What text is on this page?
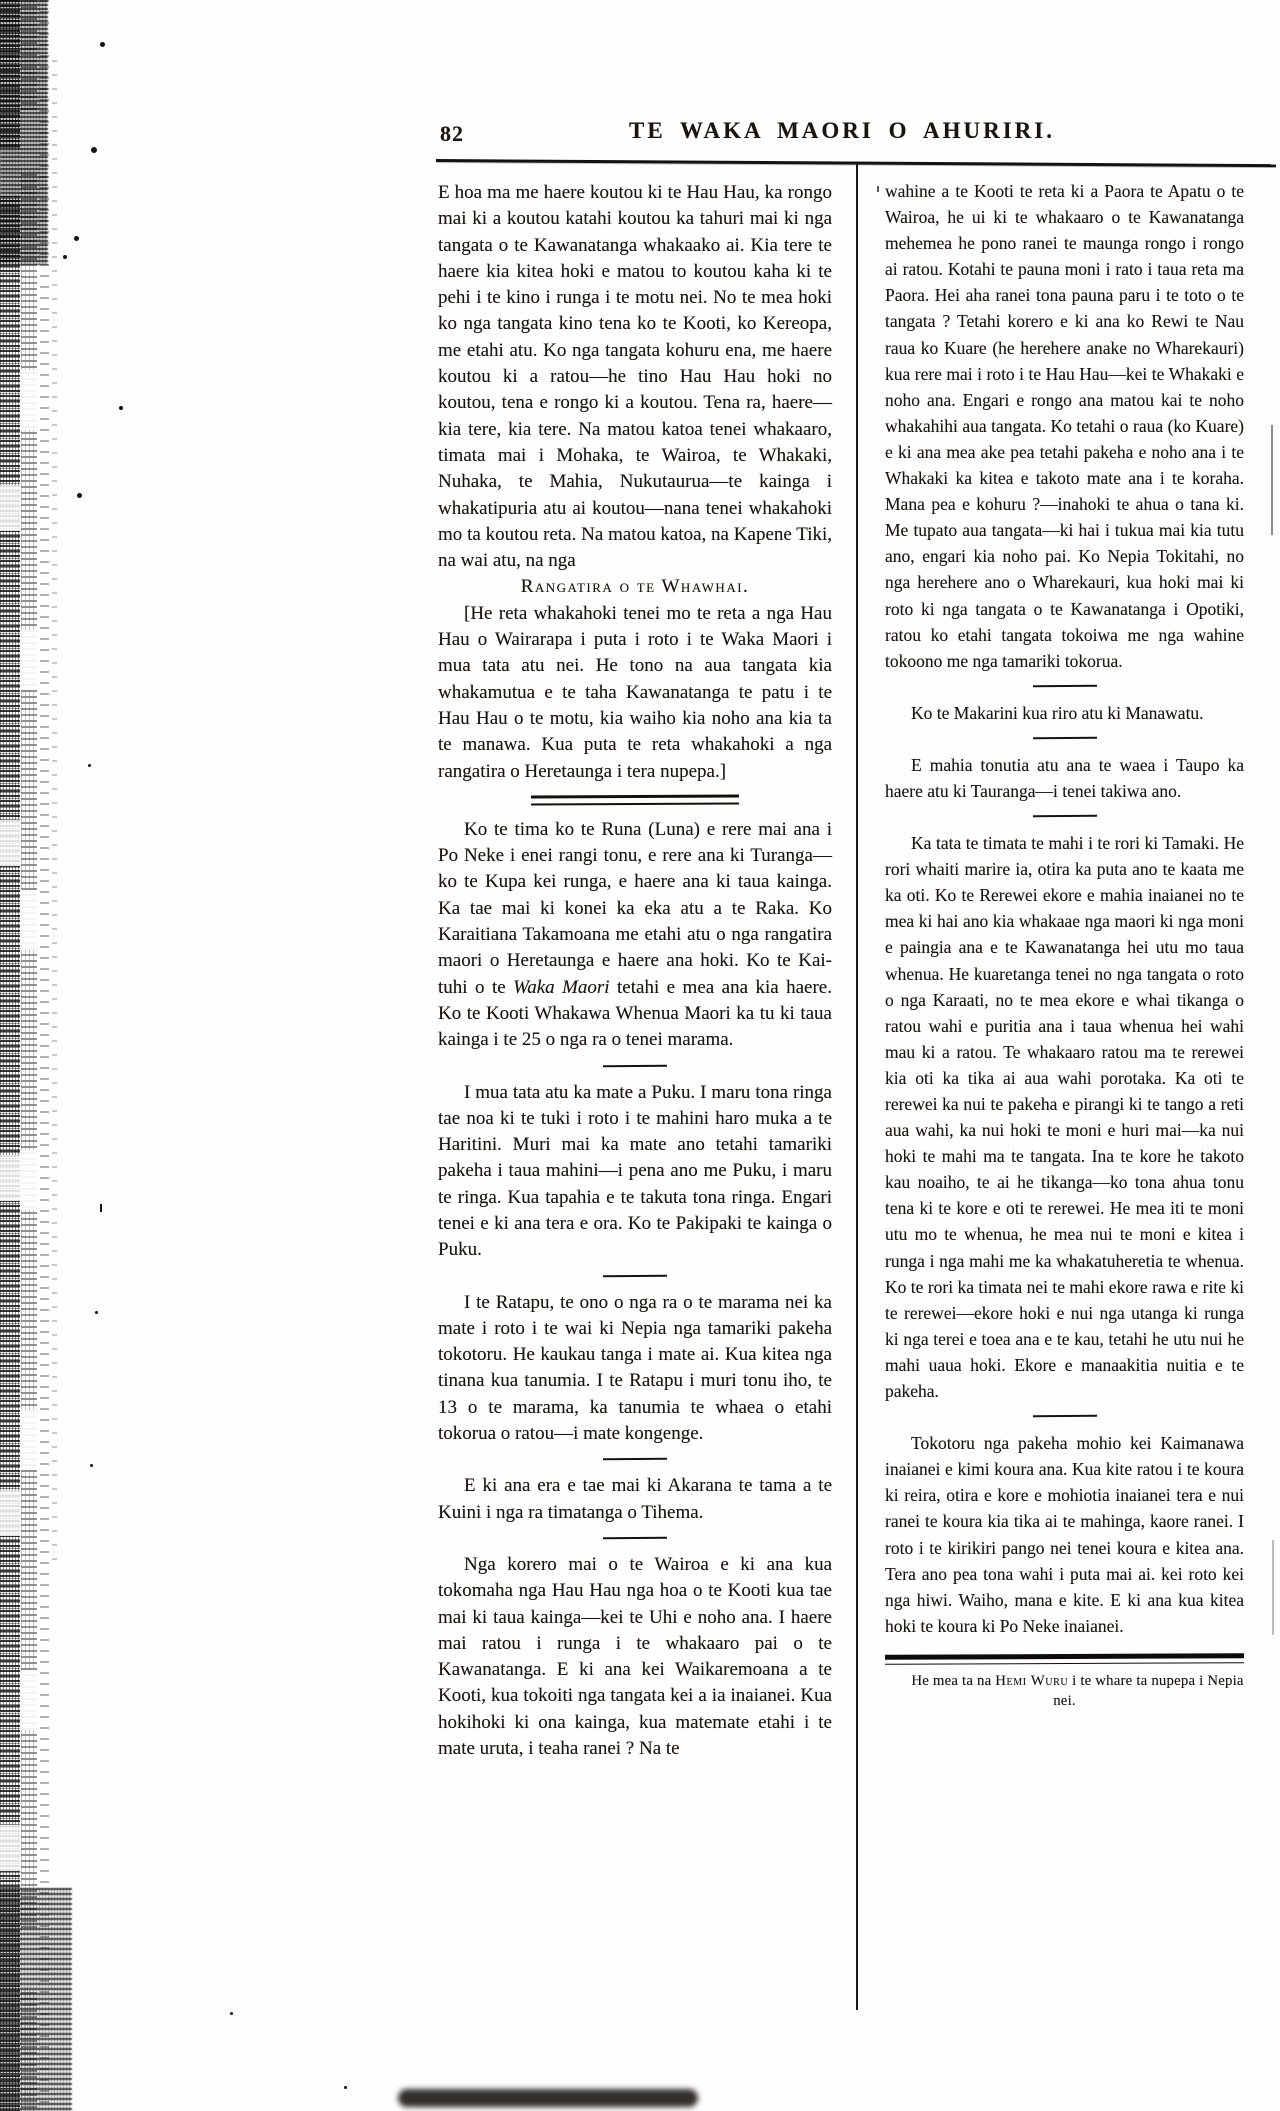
82	TE WAKA MAORI O AHURIRI.

E hoa ma me haere koutou ki te Hau Hau, ka rongo mai ki a koutou katahi koutou ka tahuri mai ki nga tangata o te Kawanatanga whakaako ai. Kia tere te haere kia kitea hoki e matou to koutou kaha ki te pehi i te kino i runga i te motu nei. No te mea hoki ko nga tangata kino tena ko te Kooti, ko Kereopa, me etahi atu. Ko nga tangata kohuru ena, me haere koutou ki a ratou—he tino Hau Hau hoki no koutou, tena e rongo ki a koutou. Tena ra, haere—kia tere, kia tere. Na matou katoa tenei whakaaro, timata mai i Mohaka, te Wairoa, te Whakaki, Nuhaka, te Mahia, Nukutaurua—te kainga i whakatipuria atu ai koutou—nana tenei whakahoki mo ta koutou reta. Na matou katoa, na Kapene Tiki, na wai atu, na nga

Rangatira o te Whawhai.

[He reta whakahoki tenei mo te reta a nga Hau Hau o Wairarapa i puta i roto i te Waka Maori i mua tata atu nei. He tono na aua tangata kia whakamutua e te taha Kawanatanga te patu i te Hau Hau o te motu, kia waiho kia noho ana kia ta te manawa. Kua puta te reta whakahoki a nga rangatira o Heretaunga i tera nupepa.]

Ko te tima ko te Runa (Luna) e rere mai ana i Po Neke i enei rangi tonu, e rere ana ki Turanga— ko te Kupa kei runga, e haere ana ki taua kainga. Ka tae mai ki konei ka eka atu a te Raka. Ko Karaitiana Takamoana me etahi atu o nga rangatira maori o Heretaunga e haere ana hoki. Ko te Kai-tuhi o te Waka Maori tetahi e mea ana kia haere. Ko te Kooti Whakawa Whenua Maori ka tu ki taua kainga i te 25 o nga ra o tenei marama.

I mua tata atu ka mate a Puku. I maru tona ringa tae noa ki te tuki i roto i te mahini haro muka a te Haritini. Muri mai ka mate ano tetahi tamariki pakeha i taua mahini—i pena ano me Puku, i maru te ringa. Kua tapahia e te takuta tona ringa. Engari tenei e ki ana tera e ora. Ko te Pakipaki te kainga o Puku.

I te Ratapu, te ono o nga ra o te marama nei ka mate i roto i te wai ki Nepia nga tamariki pakeha tokotoru. He kaukau tanga i mate ai. Kua kitea nga tinana kua tanumia. I te Ratapu i muri tonu iho, te 13 o te marama, ka tanumia te whaea o etahi tokorua o ratou—i mate kongenge.

E ki ana era e tae mai ki Akarana te tama a te Kuini i nga ra timatanga o Tihema.

Nga korero mai o te Wairoa e ki ana kua tokomaha nga Hau Hau nga hoa o te Kooti kua tae mai ki taua kainga—kei te Uhi e noho ana. I haere mai ratou i runga i te whakaaro pai o te Kawanatanga. E ki ana kei Waikaremoana a te Kooti, kua tokoiti nga tangata kei a ia inaianei. Kua hokihoki ki ona kainga, kua matemate etahi i te mate uruta, i teaha ranei ? Na te

wahine a te Kooti te reta ki a Paora te Apatu o te Wairoa, he ui ki te whakaaro o te Kawanatanga mehemea he pono ranei te maunga rongo i rongo ai ratou. Kotahi te pauna moni i rato i taua reta ma Paora. Hei aha ranei tona pauna paru i te toto o te tangata ? Tetahi korero e ki ana ko Rewi te Nau raua ko Kuare (he herehere anake no Wharekauri) kua rere mai i roto i te Hau Hau—kei te Whakaki e noho ana. Engari e rongo ana matou kai te noho whakahihi aua tangata. Ko tetahi o raua (ko Kuare) e ki ana mea ake pea tetahi pakeha e noho ana i te Whakaki ka kitea e takoto mate ana i te koraha. Mana pea e kohuru ?—inahoki te ahua o tana ki. Me tupato aua tangata—ki hai i tukua mai kia tutu ano, engari kia noho pai. Ko Nepia Tokitahi, no nga herehere ano o Wharekauri, kua hoki mai ki roto ki nga tangata o te Kawanatanga i Opotiki, ratou ko etahi tangata tokoiwa me nga wahine tokoono me nga tamariki tokorua.

Ko te Makarini kua riro atu ki Manawatu.

E mahia tonutia atu ana te waea i Taupo ka haere atu ki Tauranga—i tenei takiwa ano.

Ka tata te timata te mahi i te rori ki Tamaki. He rori whaiti marire ia, otira ka puta ano te kaata me ka oti. Ko te Rerewei ekore e mahia inaianei no te mea ki hai ano kia whakaae nga maori ki nga moni e paingia ana e te Kawanatanga hei utu mo taua whenua. He kuaretanga tenei no nga tangata o roto o nga Karaati, no te mea ekore e whai tikanga o ratou wahi e puritia ana i taua whenua hei wahi mau ki a ratou. Te whakaaro ratou ma te rerewei kia oti ka tika ai aua wahi porotaka. Ka oti te rerewei ka nui te pakeha e pirangi ki te tango a reti aua wahi, ka nui hoki te moni e huri mai—ka nui hoki te mahi ma te tangata. Ina te kore he takoto kau noaiho, te ai he tikanga—ko tona ahua tonu tena ki te kore e oti te rerewei. He mea iti te moni utu mo te whenua, he mea nui te moni e kitea i runga i nga mahi me ka whakatuheretia te whenua. Ko te rori ka timata nei te mahi ekore rawa e rite ki te rerewei—ekore hoki e nui nga utanga ki runga ki nga terei e toea ana e te kau, tetahi he utu nui he mahi uaua hoki. Ekore e manaakitia nuitia e te pakeha.

Tokotoru nga pakeha mohio kei Kaimanawa inaianei e kimi koura ana. Kua kite ratou i te koura ki reira, otira e kore e mohiotia inaianei tera e nui ranei te koura kia tika ai te mahinga, kaore ranei. I roto i te kirikiri pango nei tenei koura e kitea ana. Tera ano pea tona wahi i puta mai ai. kei roto kei nga hiwi. Waiho, mana e kite. E ki ana kua kitea hoki te koura ki Po Neke inaianei.

He mea ta na Hemi Wuru i te whare ta nupepa i Nepia nei.
